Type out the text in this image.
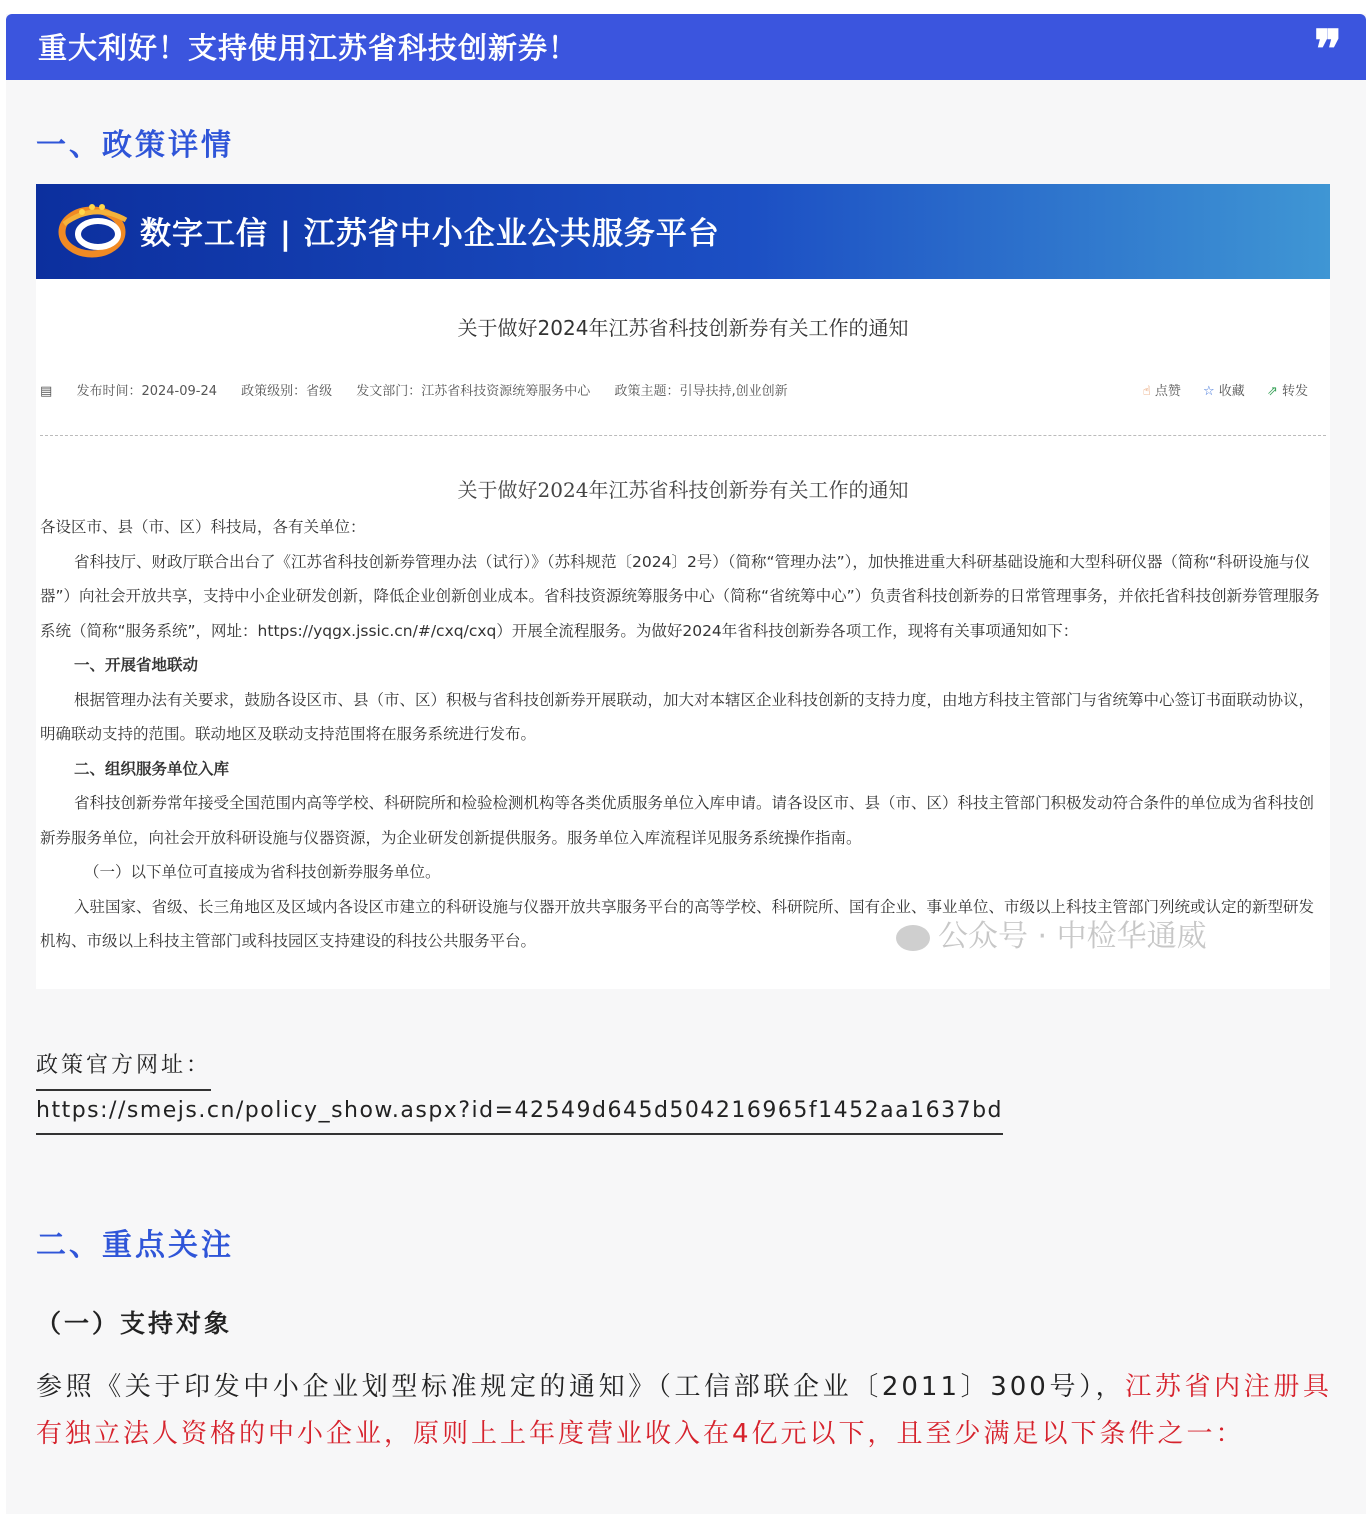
重大利好！支持使用江苏省科技创新券！	❞
一、政策详情
数字工信 | 江苏省中小企业公共服务平台
关于做好2024年江苏省科技创新券有关工作的通知
▤ 发布时间：2024-09-24 政策级别：省级 发文部门：江苏省科技资源统筹服务中心 政策主题：引导扶持,创业创新	☝ 点赞 ☆ 收藏 ⇗ 转发
关于做好2024年江苏省科技创新券有关工作的通知

各设区市、县（市、区）科技局，各有关单位：

省科技厅、财政厅联合出台了《江苏省科技创新券管理办法（试行）》（苏科规范〔2024〕2号）（简称“管理办法”），加快推进重大科研基础设施和大型科研仪器（简称“科研设施与仪器”）向社会开放共享，支持中小企业研发创新，降低企业创新创业成本。省科技资源统筹服务中心（简称“省统筹中心”）负责省科技创新券的日常管理事务，并依托省科技创新券管理服务系统（简称“服务系统”，网址：https://yqgx.jssic.cn/#/cxq/cxq）开展全流程服务。为做好2024年省科技创新券各项工作，现将有关事项通知如下：

一、开展省地联动

根据管理办法有关要求，鼓励各设区市、县（市、区）积极与省科技创新券开展联动，加大对本辖区企业科技创新的支持力度，由地方科技主管部门与省统筹中心签订书面联动协议，明确联动支持的范围。联动地区及联动支持范围将在服务系统进行发布。

二、组织服务单位入库

省科技创新券常年接受全国范围内高等学校、科研院所和检验检测机构等各类优质服务单位入库申请。请各设区市、县（市、区）科技主管部门积极发动符合条件的单位成为省科技创新券服务单位，向社会开放科研设施与仪器资源，为企业研发创新提供服务。服务单位入库流程详见服务系统操作指南。

（一）以下单位可直接成为省科技创新券服务单位。

入驻国家、省级、长三角地区及区域内各设区市建立的科研设施与仪器开放共享服务平台的高等学校、科研院所、国有企业、事业单位、市级以上科技主管部门列统或认定的新型研发机构、市级以上科技主管部门或科技园区支持建设的科技公共服务平台。	公众号 · 中检华通威
政策官方网址：
https://smejs.cn/policy_show.aspx?id=42549d645d504216965f1452aa1637bd
二、重点关注
（一）支持对象
参照《关于印发中小企业划型标准规定的通知》（工信部联企业〔2011〕300号），江苏省内注册具有独立法人资格的中小企业，原则上上年度营业收入在4亿元以下，且至少满足以下条件之一：
